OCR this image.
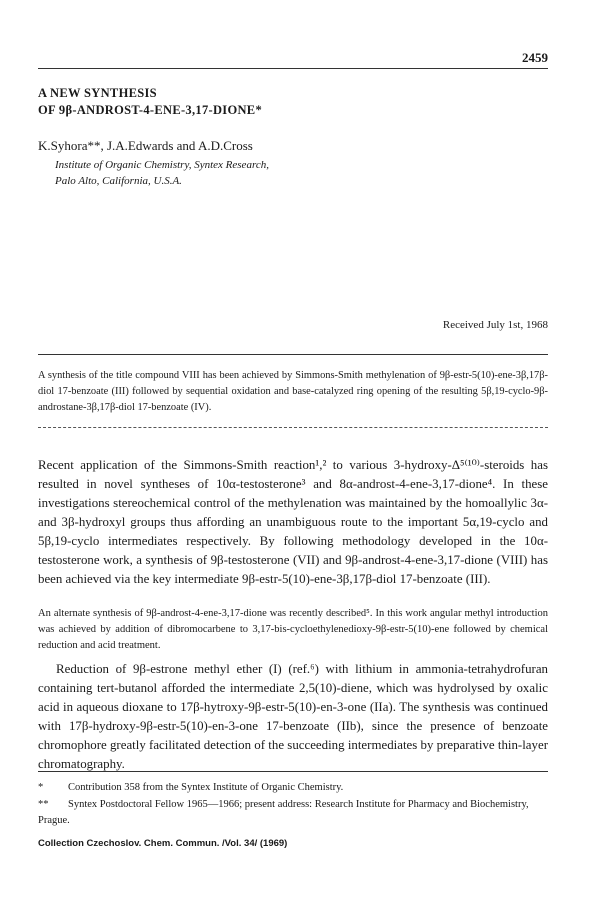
2459
A NEW SYNTHESIS
OF 9β-ANDROST-4-ENE-3,17-DIONE*
K.Syhora**, J.A.Edwards and A.D.Cross
Institute of Organic Chemistry, Syntex Research,
Palo Alto, California, U.S.A.
Received July 1st, 1968
A synthesis of the title compound VIII has been achieved by Simmons-Smith methylenation of 9β-estr-5(10)-ene-3β,17β-diol 17-benzoate (III) followed by sequential oxidation and base-catalyzed ring opening of the resulting 5β,19-cyclo-9β-androstane-3β,17β-diol 17-benzoate (IV).
Recent application of the Simmons-Smith reaction¹,² to various 3-hydroxy-Δ⁵⁽¹⁰⁾-steroids has resulted in novel syntheses of 10α-testosterone³ and 8α-androst-4-ene-3,17-dione⁴. In these investigations stereochemical control of the methylenation was maintained by the homoallylic 3α- and 3β-hydroxyl groups thus affording an unambiguous route to the important 5α,19-cyclo and 5β,19-cyclo intermediates respectively. By following methodology developed in the 10α-testosterone work, a synthesis of 9β-testosterone (VII) and 9β-androst-4-ene-3,17-dione (VIII) has been achieved via the key intermediate 9β-estr-5(10)-ene-3β,17β-diol 17-benzoate (III).
An alternate synthesis of 9β-androst-4-ene-3,17-dione was recently described⁵. In this work angular methyl introduction was achieved by addition of dibromocarbene to 3,17-bis-cycloethylenedioxy-9β-estr-5(10)-ene followed by chemical reduction and acid treatment.
Reduction of 9β-estrone methyl ether (I) (ref.⁶) with lithium in ammonia-tetrahydrofuran containing tert-butanol afforded the intermediate 2,5(10)-diene, which was hydrolysed by oxalic acid in aqueous dioxane to 17β-hytroxy-9β-estr-5(10)-en-3-one (IIa). The synthesis was continued with 17β-hydroxy-9β-estr-5(10)-en-3-one 17-benzoate (IIb), since the presence of benzoate chromophore greatly facilitated detection of the succeeding intermediates by preparative thin-layer chromatography.
* Contribution 358 from the Syntex Institute of Organic Chemistry.
** Syntex Postdoctoral Fellow 1965—1966; present address: Research Institute for Pharmacy and Biochemistry, Prague.
Collection Czechoslov. Chem. Commun. /Vol. 34/ (1969)
